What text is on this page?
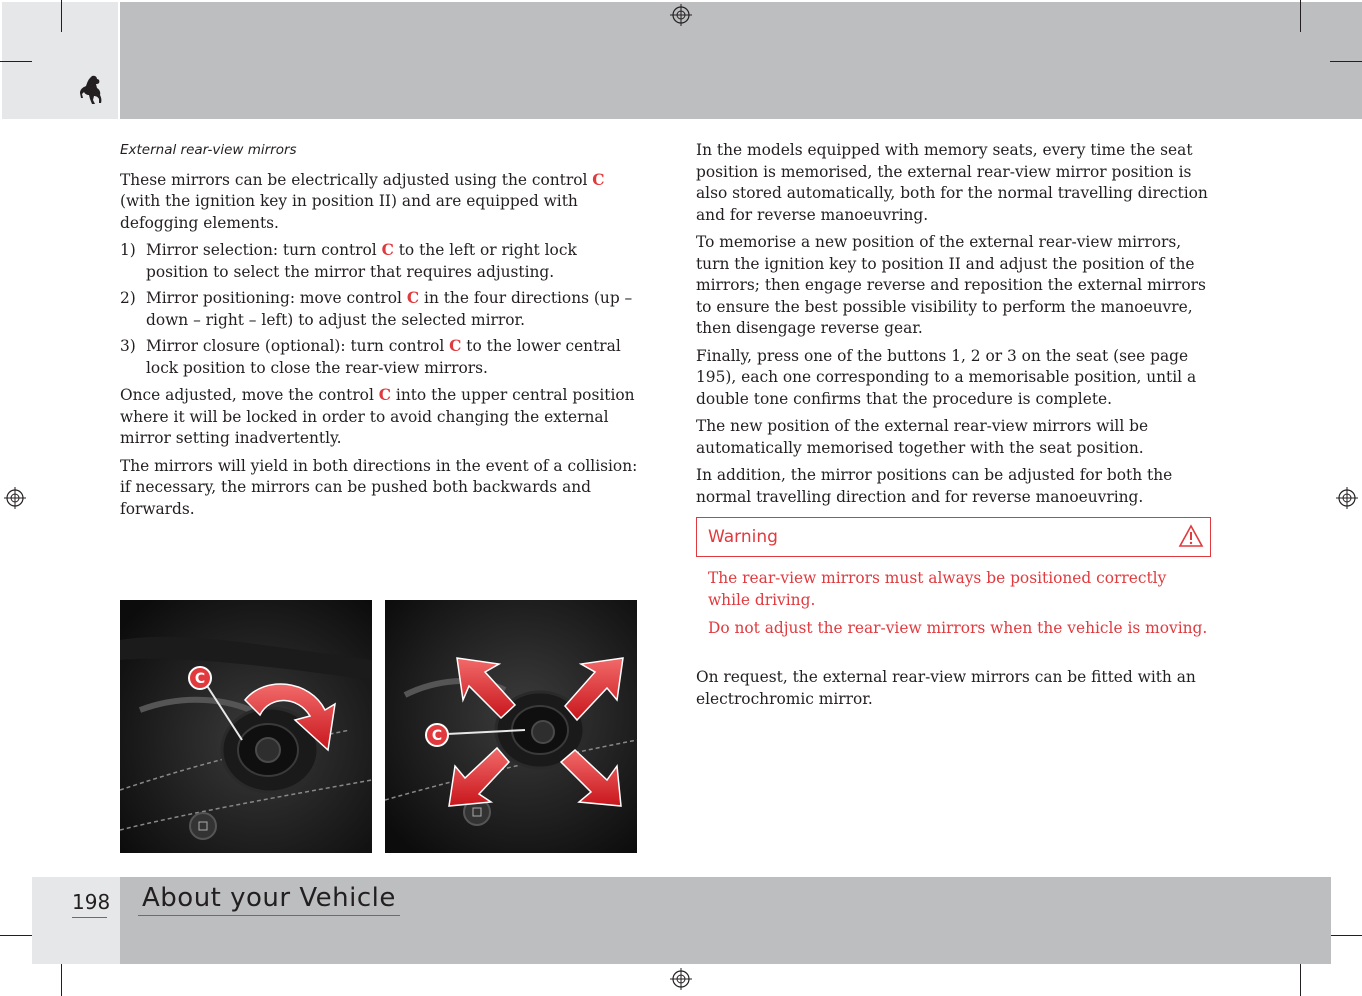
External rear-view mirrors

These mirrors can be electrically adjusted using the control C (with the ignition key in position II) and are equipped with defogging elements.

1) Mirror selection: turn control C to the left or right lock position to select the mirror that requires adjusting.
2) Mirror positioning: move control C in the four directions (up – down – right – left) to adjust the selected mirror.
3) Mirror closure (optional): turn control C to the lower central lock position to close the rear-view mirrors.

Once adjusted, move the control C into the upper central position where it will be locked in order to avoid changing the external mirror setting inadvertently.

The mirrors will yield in both directions in the event of a collision: if necessary, the mirrors can be pushed both backwards and forwards.

C
C

In the models equipped with memory seats, every time the seat position is memorised, the external rear-view mirror position is also stored automatically, both for the normal travelling direction and for reverse manoeuvring.

To memorise a new position of the external rear-view mirrors, turn the ignition key to position II and adjust the position of the mirrors; then engage reverse and reposition the external mirrors to ensure the best possible visibility to perform the manoeuvre, then disengage reverse gear.

Finally, press one of the buttons 1, 2 or 3 on the seat (see page 195), each one corresponding to a memorisable position, until a double tone confirms that the procedure is complete.

The new position of the external rear-view mirrors will be automatically memorised together with the seat position.

In addition, the mirror positions can be adjusted for both the normal travelling direction and for reverse manoeuvring.

Warning

The rear-view mirrors must always be positioned correctly while driving.

Do not adjust the rear-view mirrors when the vehicle is moving.

On request, the external rear-view mirrors can be fitted with an electrochromic mirror.
198 About your Vehicle
